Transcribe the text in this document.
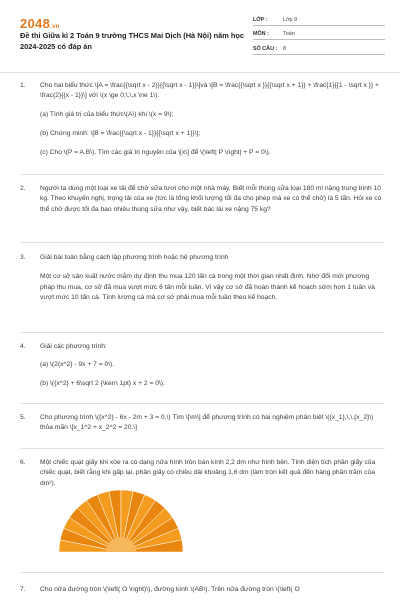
2048.vn
Đề thi Giữa kì 2 Toán 9 trường THCS Mai Dịch (Hà Nội) năm học 2024-2025 có đáp án
LỚP :	Lớp 9
MÔN :	Toán
SỐ CÂU :	8
1.	Cho hai biểu thức \[A = \frac{{\sqrt x - 2}}{{\sqrt x - 1}}\]và \[B = \frac{{\sqrt x }}{{\sqrt x + 1}} + \frac{1}{{1 - \sqrt x }} + \frac{2}{{x - 1}}\] với \(x \ge 0;\,\,x \ne 1\).

(a) Tính giá trị của biểu thức\(A\) khi \(x = 9\);

(b) Chứng minh: \[B = \frac{{\sqrt x - 1}}{{\sqrt x + 1}}\];

(c) Cho \(P = A.B\). Tìm các giá trị nguyên của \[x\] để \(\left| P \right| + P = 0\).

2.	Người ta dùng một loại xe tải để chở sữa tươi cho một nhà máy. Biết mỗi thùng sữa loại 180 ml nặng trung bình 10 kg. Theo khuyến nghị, trọng tải của xe (tức là tổng khối lượng tối đa cho phép mà xe có thể chở) là 5 tấn. Hỏi xe có thể chở được tối đa bao nhiêu thùng sữa như vậy, biết bác lái xe nặng 75 kg?

3.	Giải bài toán bằng cách lập phương trình hoặc hệ phương trình

Một cơ sở sản xuất nước mắm dự định thu mua 120 tấn cá trong một thời gian nhất định. Nhờ đổi mới phương pháp thu mua, cơ sở đã mua vượt mức 6 tấn mỗi tuần. Vì vậy cơ sở đã hoàn thành kế hoạch sớm hơn 1 tuần và vượt mức 10 tấn cá. Tính lượng cá mà cơ sở phải mua mỗi tuần theo kế hoạch.

4.	Giải các phương trình:

(a) \(2{x^2} - 9x + 7 = 0\).

(b) \({x^2} + 6\sqrt 2 {\kern 1pt} x + 2 = 0\).

5.	Cho phương trình \({x^2} - 6x - 2m + 3 = 0.\) Tìm \[\m\] để phương trình có hai nghiệm phân biệt \({x_1},\,\,{x_2}\) thỏa mãn \[x_1^2 + x_2^2 = 20.\]

6.	Một chiếc quạt giấy khi xòe ra có dạng nửa hình tròn bán kính 2,2 dm như hình bên. Tính diện tích phần giấy của chiếc quạt, biết rằng khi gấp lại, phần giấy có chiều dài khoảng 1,6 dm (làm tròn kết quả đến hàng phần trăm của dm²).

7.	Cho nửa đường tròn \(\left( O \right)\), đường kính \(AB\). Trên nửa đường tròn \(\left( O
